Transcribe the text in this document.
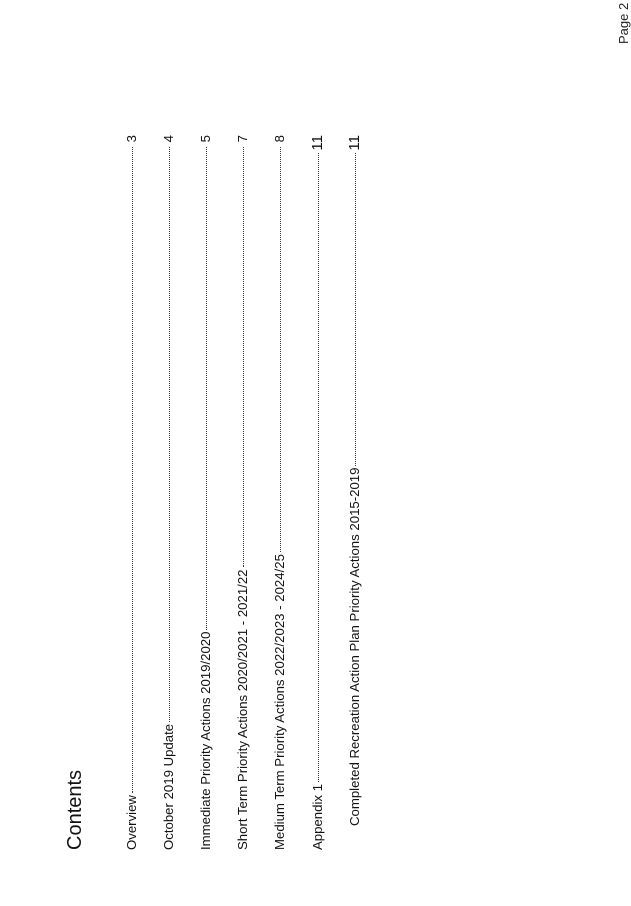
Contents	Overview
3
October 2019 Update
4
Immediate Priority Actions 2019/2020
5
Short Term Priority Actions 2020/2021 - 2021/22
7
Medium Term Priority Actions 2022/2023 - 2024/25
8
Appendix 1
11
Completed Recreation Action Plan Priority Actions 2015-2019
11
Page 2
